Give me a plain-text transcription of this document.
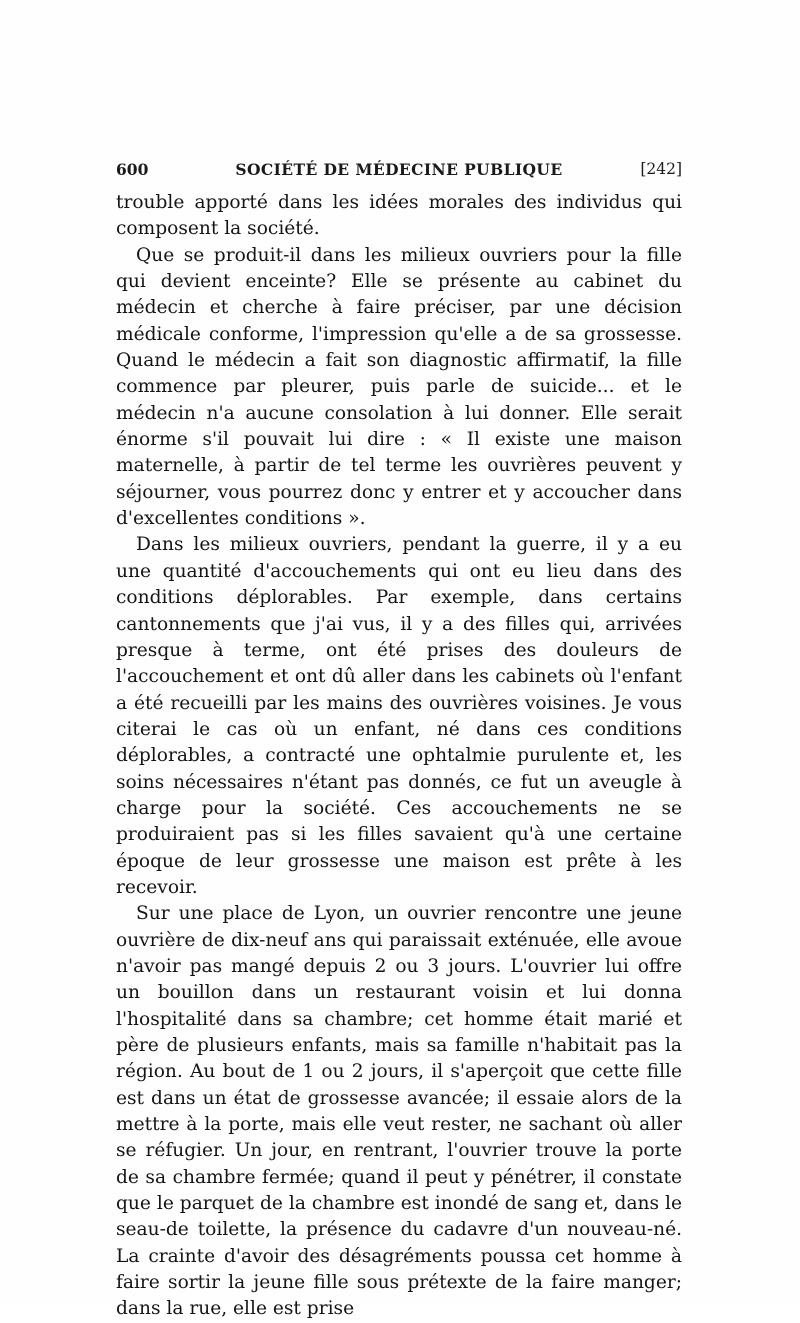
600	SOCIÉTÉ DE MÉDECINE PUBLIQUE	[242]

trouble apporté dans les idées morales des individus qui composent la société.

Que se produit-il dans les milieux ouvriers pour la fille qui devient enceinte? Elle se présente au cabinet du médecin et cherche à faire préciser, par une décision médicale conforme, l'impression qu'elle a de sa grossesse. Quand le médecin a fait son diagnostic affirmatif, la fille commence par pleurer, puis parle de suicide... et le médecin n'a aucune consolation à lui donner. Elle serait énorme s'il pouvait lui dire : « Il existe une maison maternelle, à partir de tel terme les ouvrières peuvent y séjourner, vous pourrez donc y entrer et y accoucher dans d'excellentes conditions ».

Dans les milieux ouvriers, pendant la guerre, il y a eu une quantité d'accouchements qui ont eu lieu dans des conditions déplorables. Par exemple, dans certains cantonnements que j'ai vus, il y a des filles qui, arrivées presque à terme, ont été prises des douleurs de l'accouchement et ont dû aller dans les cabinets où l'enfant a été recueilli par les mains des ouvrières voisines. Je vous citerai le cas où un enfant, né dans ces conditions déplorables, a contracté une ophtalmie purulente et, les soins nécessaires n'étant pas donnés, ce fut un aveugle à charge pour la société. Ces accouchements ne se produiraient pas si les filles savaient qu'à une certaine époque de leur grossesse une maison est prête à les recevoir.

Sur une place de Lyon, un ouvrier rencontre une jeune ouvrière de dix-neuf ans qui paraissait exténuée, elle avoue n'avoir pas mangé depuis 2 ou 3 jours. L'ouvrier lui offre un bouillon dans un restaurant voisin et lui donna l'hospitalité dans sa chambre; cet homme était marié et père de plusieurs enfants, mais sa famille n'habitait pas la région. Au bout de 1 ou 2 jours, il s'aperçoit que cette fille est dans un état de grossesse avancée; il essaie alors de la mettre à la porte, mais elle veut rester, ne sachant où aller se réfugier. Un jour, en rentrant, l'ouvrier trouve la porte de sa chambre fermée; quand il peut y pénétrer, il constate que le parquet de la chambre est inondé de sang et, dans le seau-de toilette, la présence du cadavre d'un nouveau-né. La crainte d'avoir des désagréments poussa cet homme à faire sortir la jeune fille sous prétexte de la faire manger; dans la rue, elle est prise
